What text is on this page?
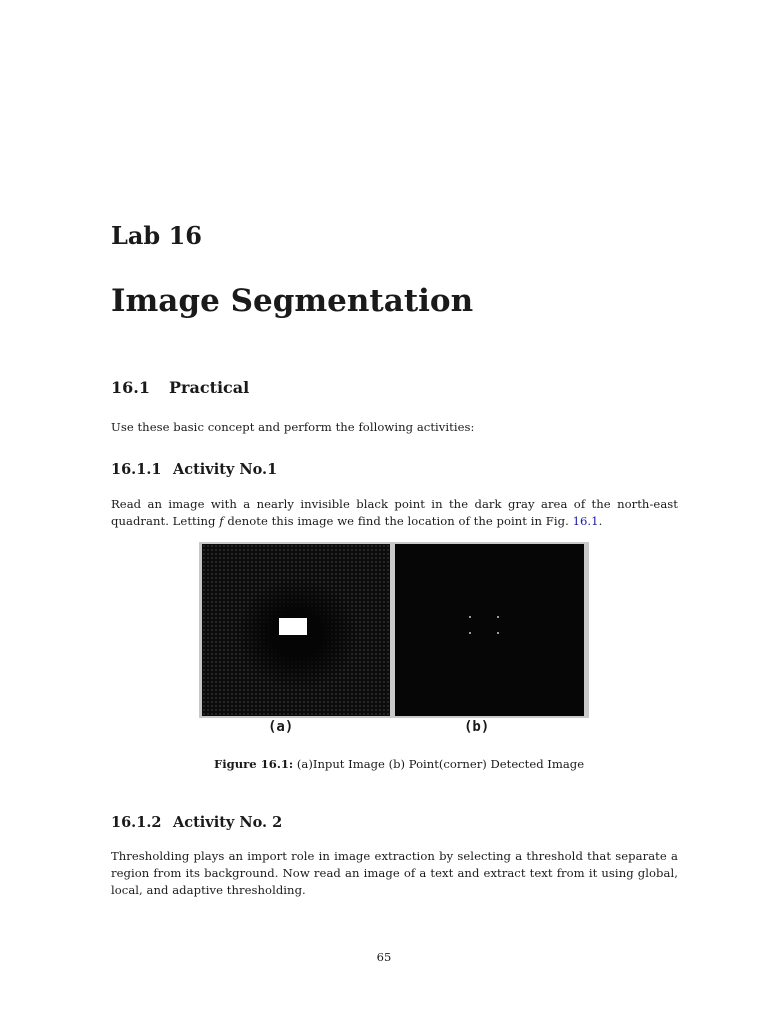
Lab 16
Image Segmentation
16.1 Practical
Use these basic concept and perform the following activities:
16.1.1 Activity No.1
Read an image with a nearly invisible black point in the dark gray area of the north-east quadrant. Letting f denote this image we find the location of the point in Fig. 16.1.
(a)	(b)
Figure 16.1: (a)Input Image (b) Point(corner) Detected Image
16.1.2 Activity No. 2
Thresholding plays an import role in image extraction by selecting a threshold that separate a region from its background. Now read an image of a text and extract text from it using global, local, and adaptive thresholding.
65
